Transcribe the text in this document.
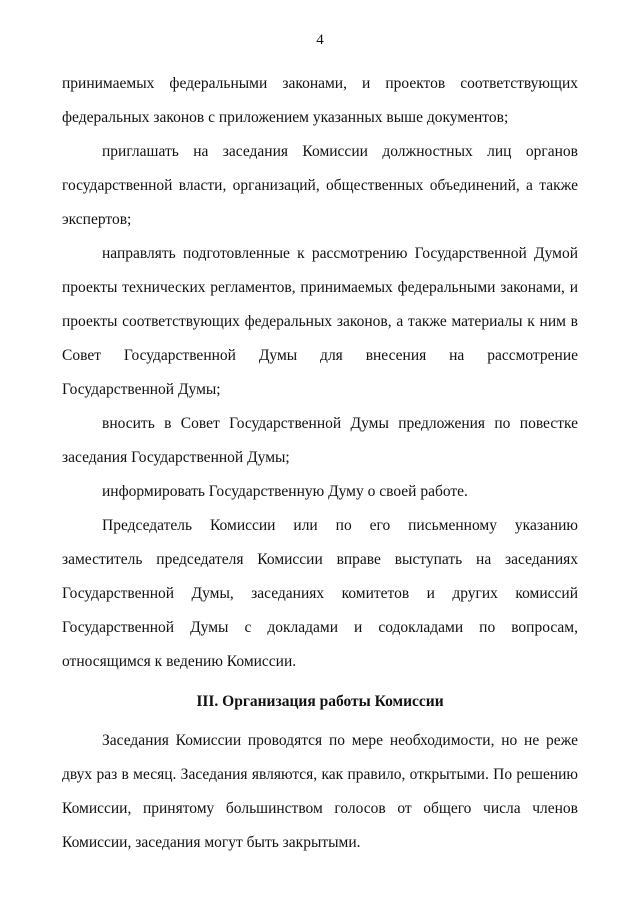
4

принимаемых федеральными законами, и проектов соответствующих федеральных законов с приложением указанных выше документов;

приглашать на заседания Комиссии должностных лиц органов государственной власти, организаций, общественных объединений, а также экспертов;

направлять подготовленные к рассмотрению Государственной Думой проекты технических регламентов, принимаемых федеральными законами, и проекты соответствующих федеральных законов, а также материалы к ним в Совет Государственной Думы для внесения на рассмотрение Государственной Думы;

вносить в Совет Государственной Думы предложения по повестке заседания Государственной Думы;

информировать Государственную Думу о своей работе.

Председатель Комиссии или по его письменному указанию заместитель председателя Комиссии вправе выступать на заседаниях Государственной Думы, заседаниях комитетов и других комиссий Государственной Думы с докладами и содокладами по вопросам, относящимся к ведению Комиссии.

III. Организация работы Комиссии

Заседания Комиссии проводятся по мере необходимости, но не реже двух раз в месяц. Заседания являются, как правило, открытыми. По решению Комиссии, принятому большинством голосов от общего числа членов Комиссии, заседания могут быть закрытыми.
